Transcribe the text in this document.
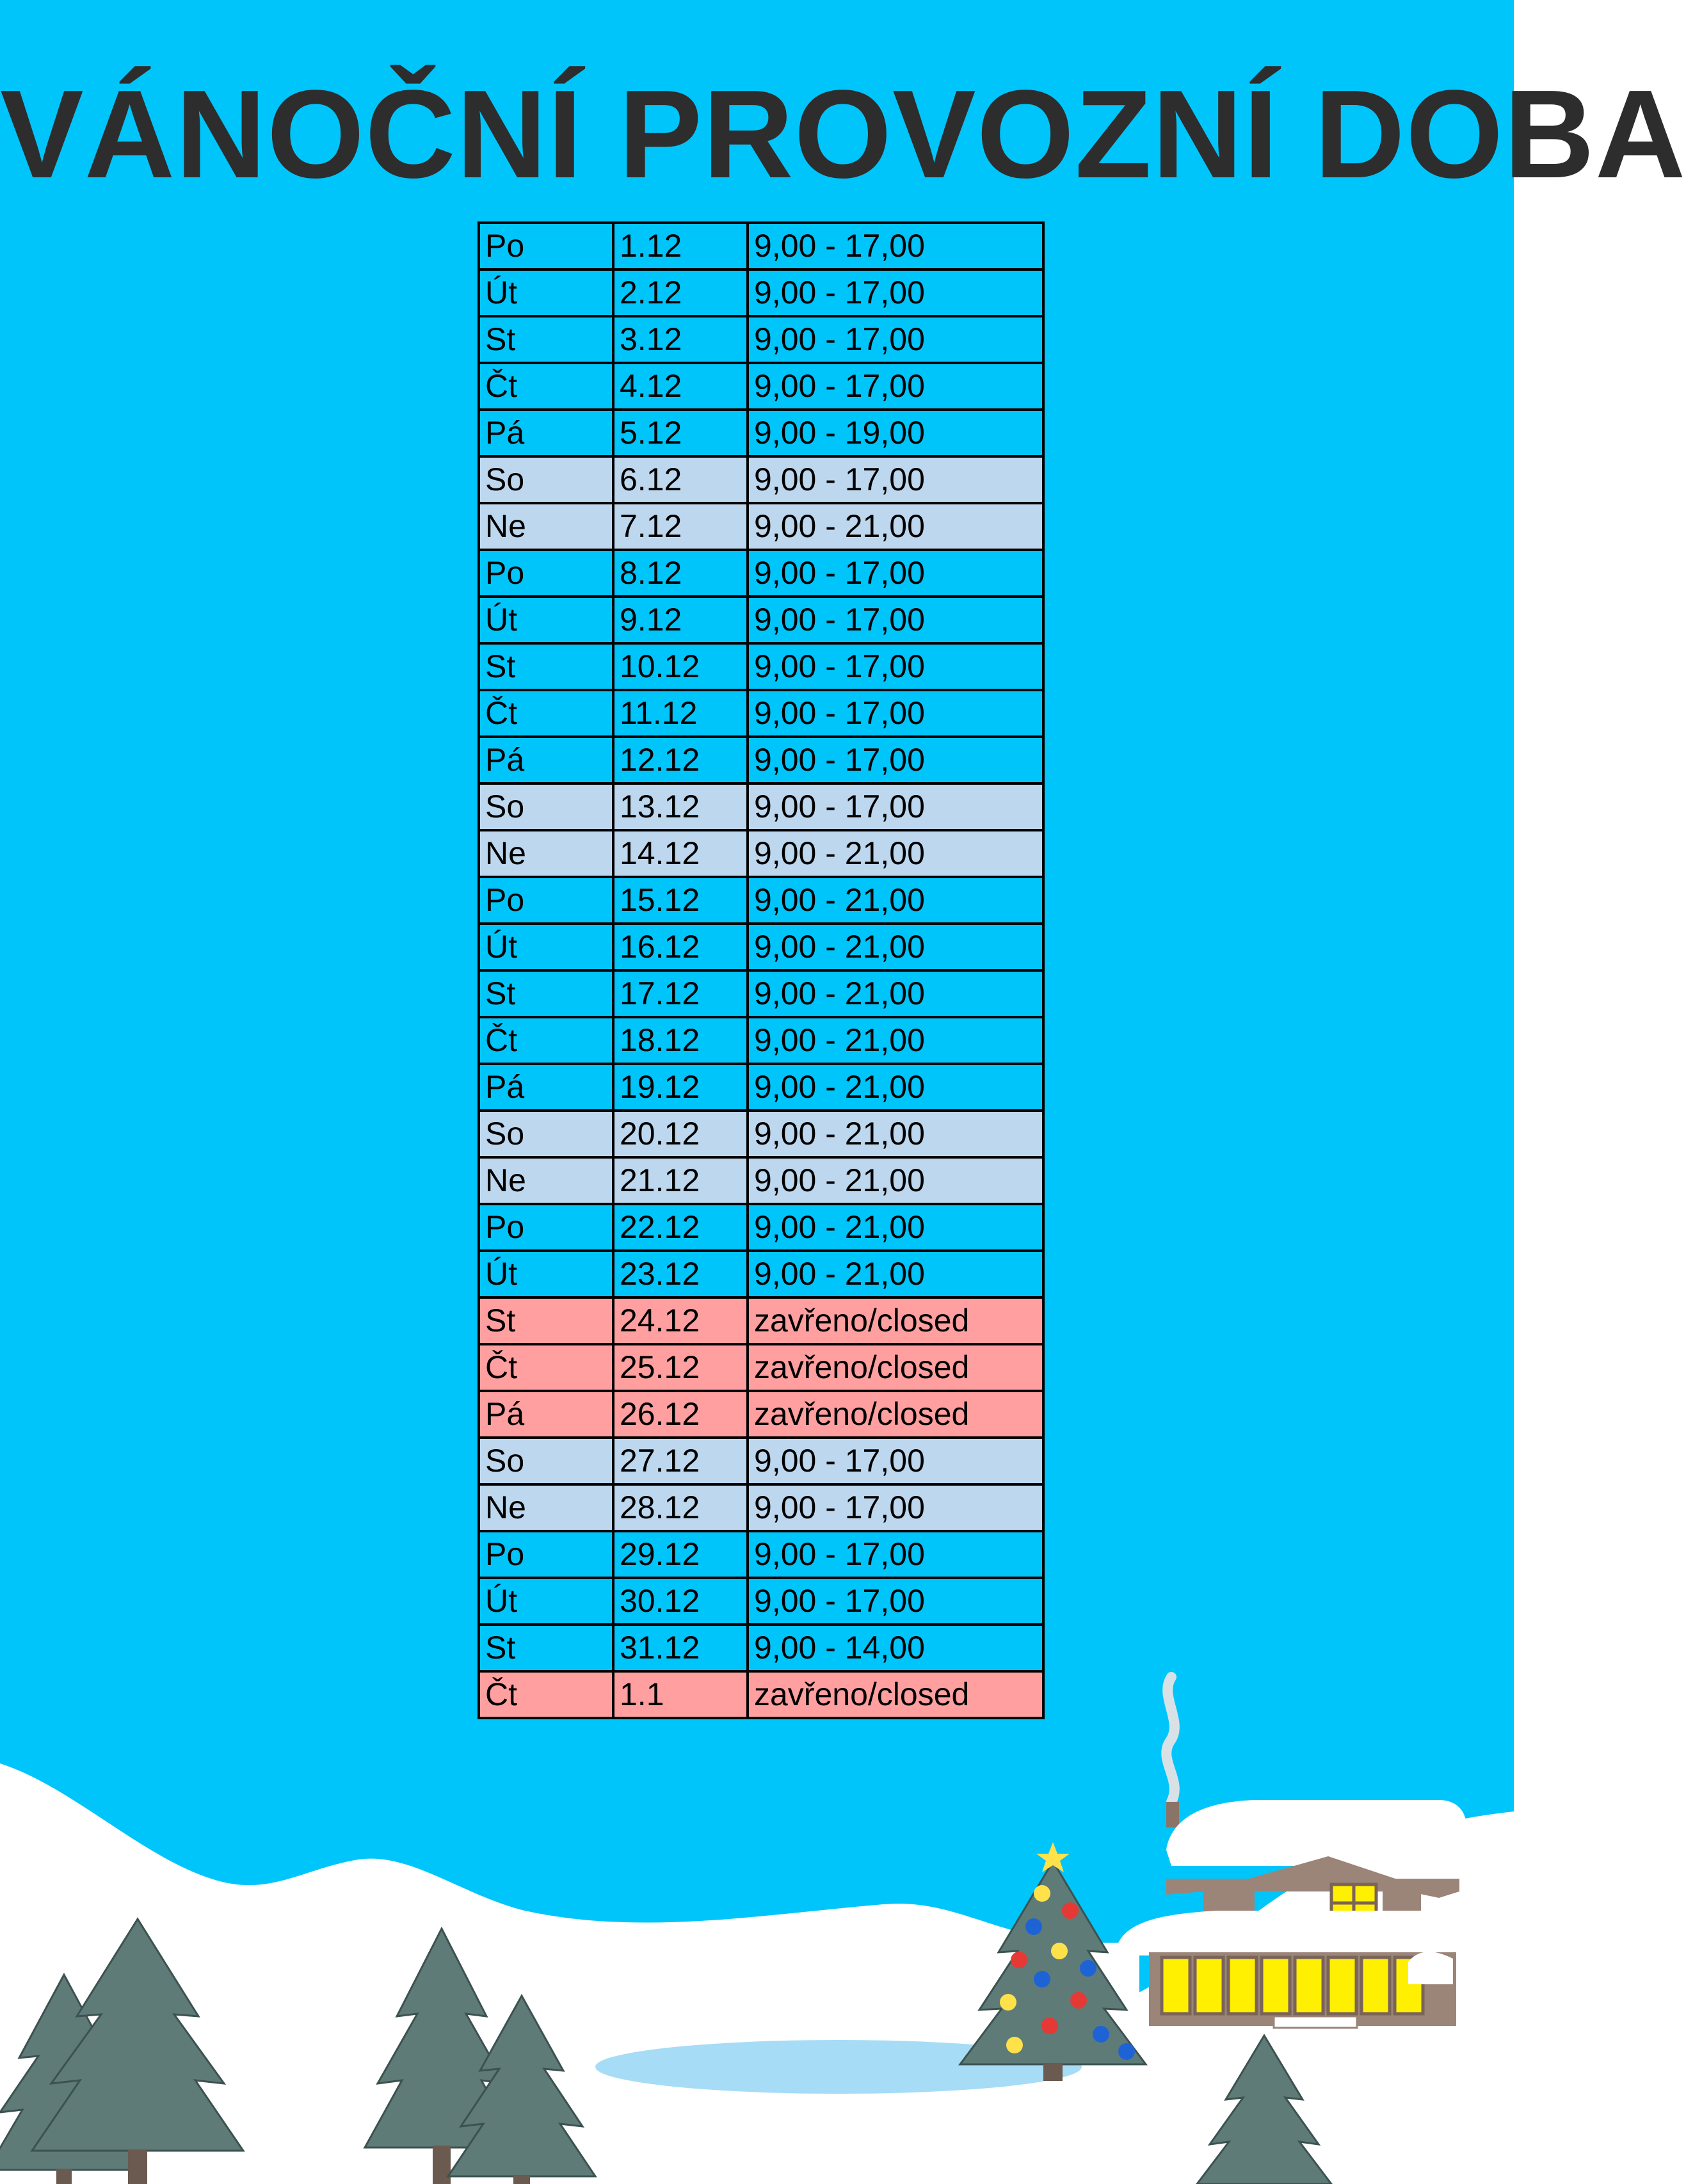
VÁNOČNÍ PROVOZNÍ DOBA
Po	1.12	9,00 - 17,00
Út	2.12	9,00 - 17,00
St	3.12	9,00 - 17,00
Čt	4.12	9,00 - 17,00
Pá	5.12	9,00 - 19,00
So	6.12	9,00 - 17,00
Ne	7.12	9,00 - 21,00
Po	8.12	9,00 - 17,00
Út	9.12	9,00 - 17,00
St	10.12	9,00 - 17,00
Čt	11.12	9,00 - 17,00
Pá	12.12	9,00 - 17,00
So	13.12	9,00 - 17,00
Ne	14.12	9,00 - 21,00
Po	15.12	9,00 - 21,00
Út	16.12	9,00 - 21,00
St	17.12	9,00 - 21,00
Čt	18.12	9,00 - 21,00
Pá	19.12	9,00 - 21,00
So	20.12	9,00 - 21,00
Ne	21.12	9,00 - 21,00
Po	22.12	9,00 - 21,00
Út	23.12	9,00 - 21,00
St	24.12	zavřeno/closed
Čt	25.12	zavřeno/closed
Pá	26.12	zavřeno/closed
So	27.12	9,00 - 17,00
Ne	28.12	9,00 - 17,00
Po	29.12	9,00 - 17,00
Út	30.12	9,00 - 17,00
St	31.12	9,00 - 14,00
Čt	1.1	zavřeno/closed
